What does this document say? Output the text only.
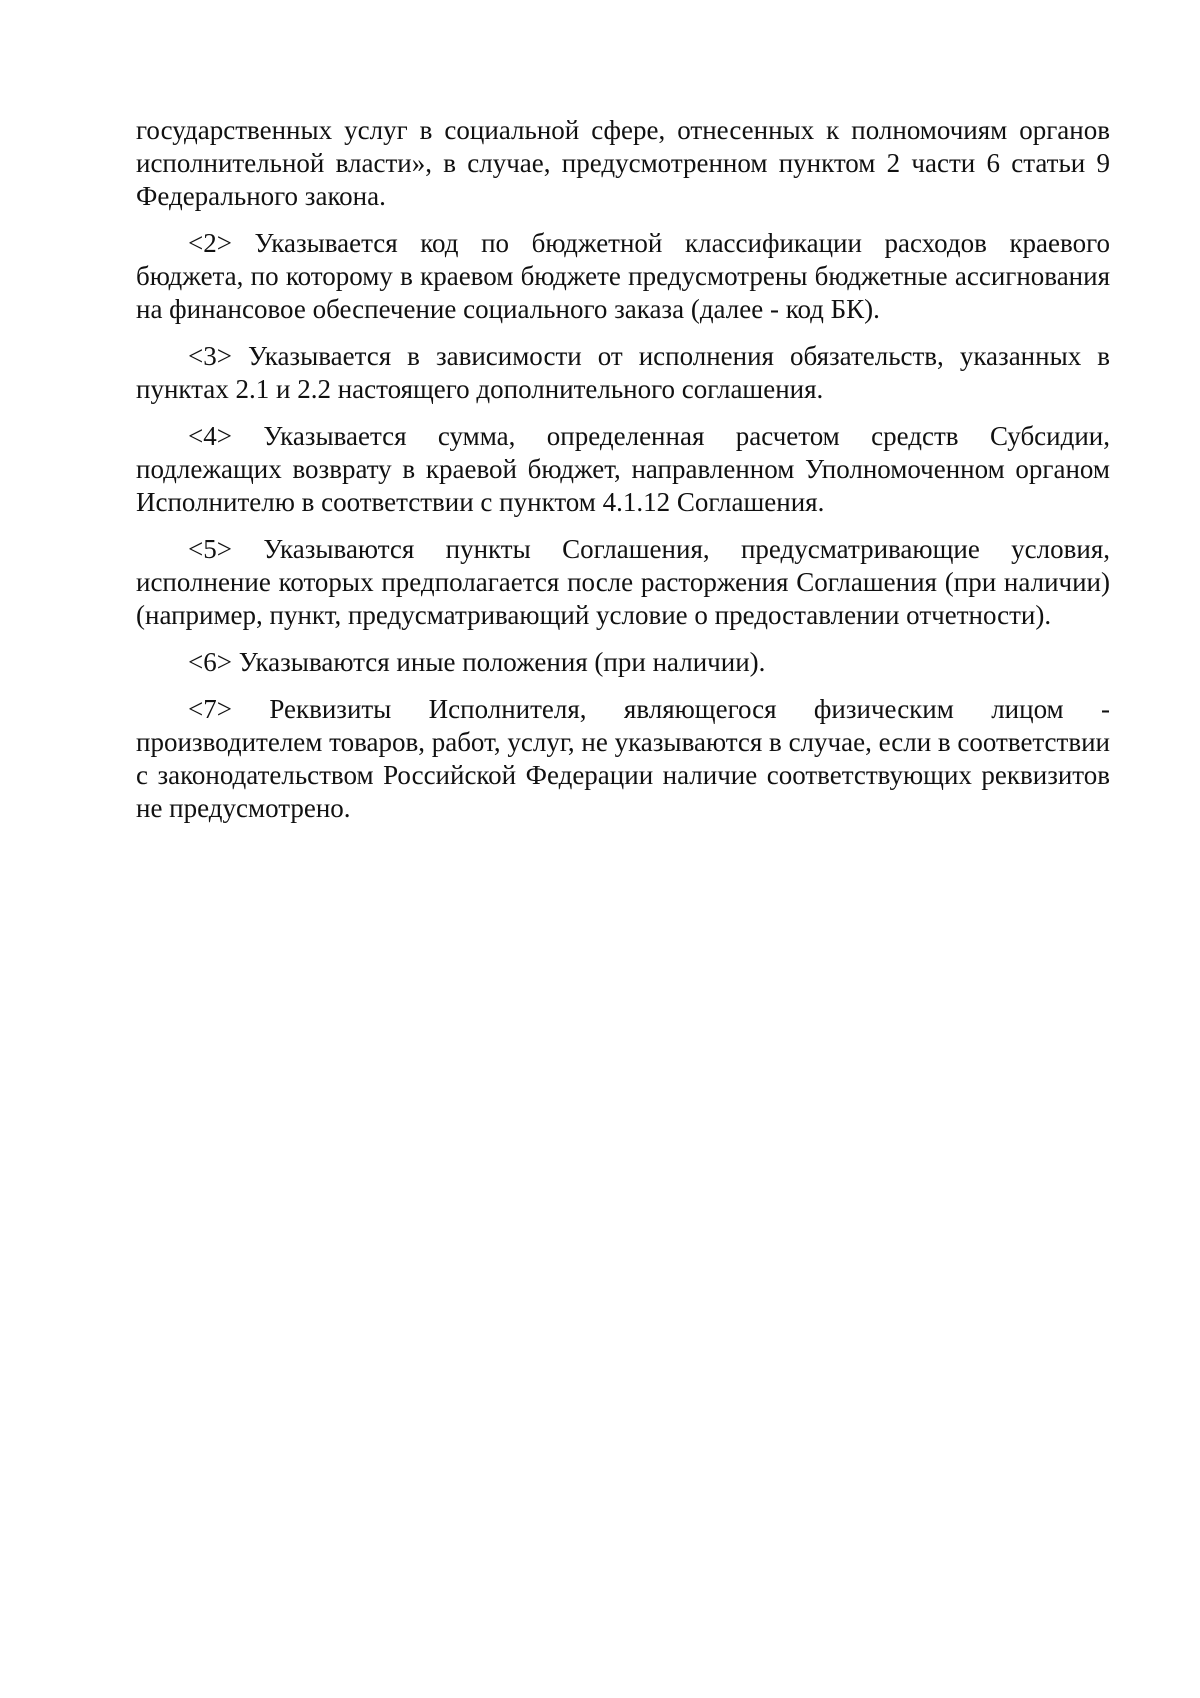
государственных услуг в социальной сфере, отнесенных к полномочиям органов исполнительной власти», в случае, предусмотренном пунктом 2 части 6 статьи 9 Федерального закона.

<2> Указывается код по бюджетной классификации расходов краевого бюджета, по которому в краевом бюджете предусмотрены бюджетные ассигнования на финансовое обеспечение социального заказа (далее - код БК).

<3> Указывается в зависимости от исполнения обязательств, указанных в пунктах 2.1 и 2.2 настоящего дополнительного соглашения.

<4> Указывается сумма, определенная расчетом средств Субсидии, подлежащих возврату в краевой бюджет, направленном Уполномоченном органом Исполнителю в соответствии с пунктом 4.1.12 Соглашения.

<5> Указываются пункты Соглашения, предусматривающие условия, исполнение которых предполагается после расторжения Соглашения (при наличии) (например, пункт, предусматривающий условие о предоставлении отчетности).

<6> Указываются иные положения (при наличии).

<7> Реквизиты Исполнителя, являющегося физическим лицом - производителем товаров, работ, услуг, не указываются в случае, если в соответствии с законодательством Российской Федерации наличие соответствующих реквизитов не предусмотрено.
